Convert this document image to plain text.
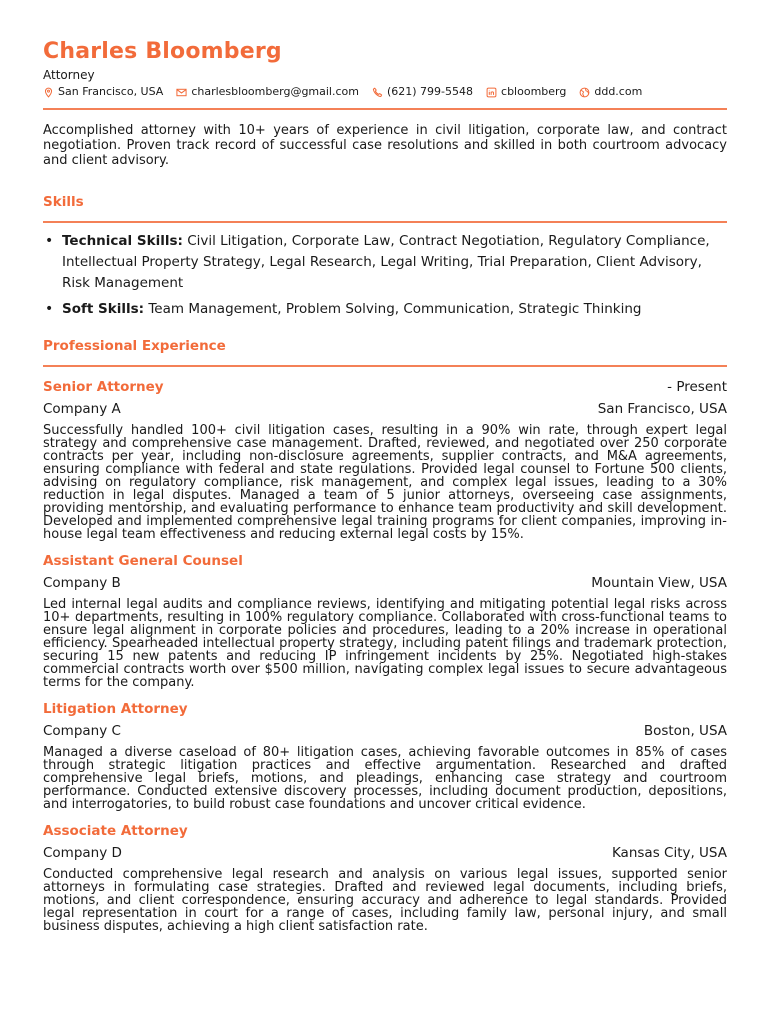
Charles Bloomberg
Attorney
San Francisco, USA	charlesbloomberg@gmail.com	(621) 799-5548	cbloomberg	ddd.com

Accomplished attorney with 10+ years of experience in civil litigation, corporate law, and contract negotiation. Proven track record of successful case resolutions and skilled in both courtroom advocacy and client advisory.

Skills
• Technical Skills: Civil Litigation, Corporate Law, Contract Negotiation, Regulatory Compliance, Intellectual Property Strategy, Legal Research, Legal Writing, Trial Preparation, Client Advisory, Risk Management
• Soft Skills: Team Management, Problem Solving, Communication, Strategic Thinking
Professional Experience
Senior Attorney	- Present
Company A	San Francisco, USA

Successfully handled 100+ civil litigation cases, resulting in a 90% win rate, through expert legal strategy and comprehensive case management. Drafted, reviewed, and negotiated over 250 corporate contracts per year, including non-disclosure agreements, supplier contracts, and M&A agreements, ensuring compliance with federal and state regulations. Provided legal counsel to Fortune 500 clients, advising on regulatory compliance, risk management, and complex legal issues, leading to a 30% reduction in legal disputes. Managed a team of 5 junior attorneys, overseeing case assignments, providing mentorship, and evaluating performance to enhance team productivity and skill development. Developed and implemented comprehensive legal training programs for client companies, improving in-house legal team effectiveness and reducing external legal costs by 15%.

Assistant General Counsel
Company B	Mountain View, USA

Led internal legal audits and compliance reviews, identifying and mitigating potential legal risks across 10+ departments, resulting in 100% regulatory compliance. Collaborated with cross-functional teams to ensure legal alignment in corporate policies and procedures, leading to a 20% increase in operational efficiency. Spearheaded intellectual property strategy, including patent filings and trademark protection, securing 15 new patents and reducing IP infringement incidents by 25%. Negotiated high-stakes commercial contracts worth over $500 million, navigating complex legal issues to secure advantageous terms for the company.

Litigation Attorney
Company C	Boston, USA

Managed a diverse caseload of 80+ litigation cases, achieving favorable outcomes in 85% of cases through strategic litigation practices and effective argumentation. Researched and drafted comprehensive legal briefs, motions, and pleadings, enhancing case strategy and courtroom performance. Conducted extensive discovery processes, including document production, depositions, and interrogatories, to build robust case foundations and uncover critical evidence.

Associate Attorney
Company D	Kansas City, USA

Conducted comprehensive legal research and analysis on various legal issues, supported senior attorneys in formulating case strategies. Drafted and reviewed legal documents, including briefs, motions, and client correspondence, ensuring accuracy and adherence to legal standards. Provided legal representation in court for a range of cases, including family law, personal injury, and small business disputes, achieving a high client satisfaction rate.
